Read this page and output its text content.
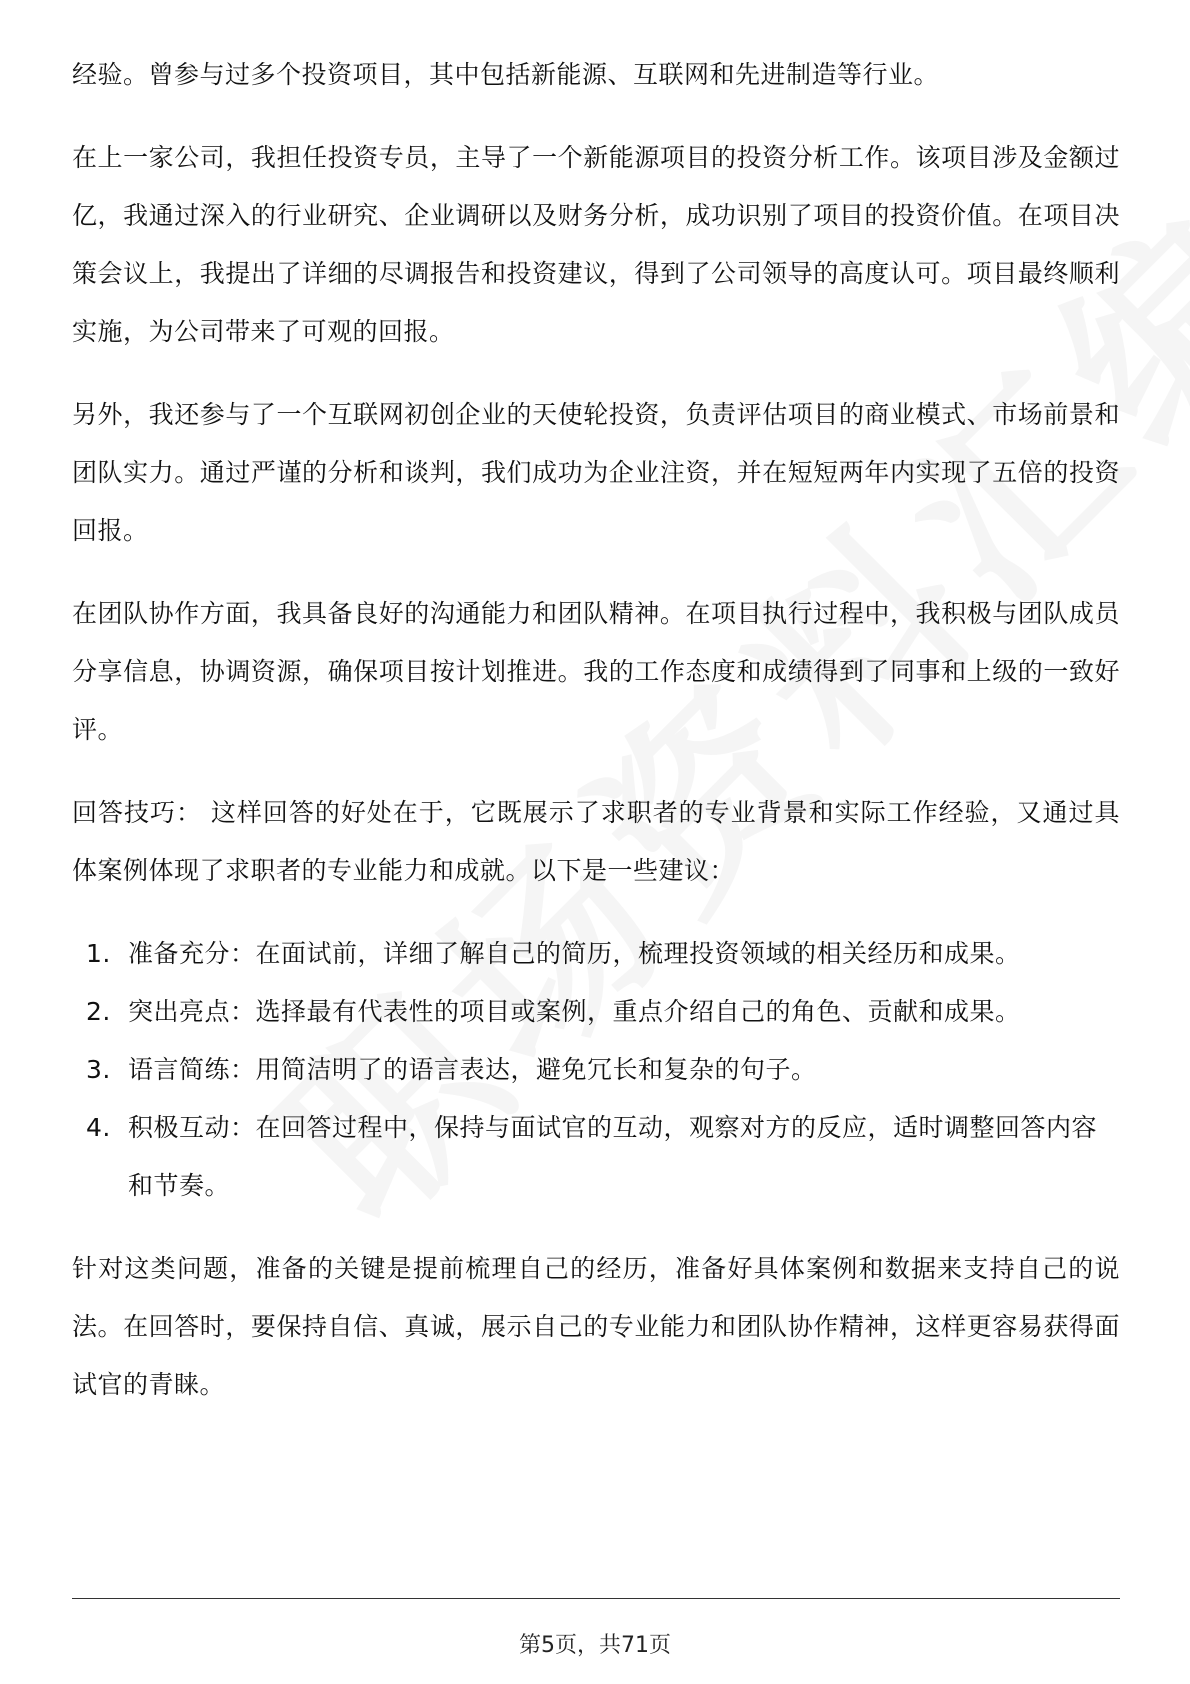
经验。曾参与过多个投资项目，其中包括新能源、互联网和先进制造等行业。

在上一家公司，我担任投资专员，主导了一个新能源项目的投资分析工作。该项目涉及金额过亿，我通过深入的行业研究、企业调研以及财务分析，成功识别了项目的投资价值。在项目决策会议上，我提出了详细的尽调报告和投资建议，得到了公司领导的高度认可。项目最终顺利实施，为公司带来了可观的回报。

另外，我还参与了一个互联网初创企业的天使轮投资，负责评估项目的商业模式、市场前景和团队实力。通过严谨的分析和谈判，我们成功为企业注资，并在短短两年内实现了五倍的投资回报。

在团队协作方面，我具备良好的沟通能力和团队精神。在项目执行过程中，我积极与团队成员分享信息，协调资源，确保项目按计划推进。我的工作态度和成绩得到了同事和上级的一致好评。

回答技巧： 这样回答的好处在于，它既展示了求职者的专业背景和实际工作经验，又通过具体案例体现了求职者的专业能力和成就。以下是一些建议：

1. 准备充分：在面试前，详细了解自己的简历，梳理投资领域的相关经历和成果。
2. 突出亮点：选择最有代表性的项目或案例，重点介绍自己的角色、贡献和成果。
3. 语言简练：用简洁明了的语言表达，避免冗长和复杂的句子。
4. 积极互动：在回答过程中，保持与面试官的互动，观察对方的反应，适时调整回答内容和节奏。

针对这类问题，准备的关键是提前梳理自己的经历，准备好具体案例和数据来支持自己的说法。在回答时，要保持自信、真诚，展示自己的专业能力和团队协作精神，这样更容易获得面试官的青睐。

第5页，共71页
